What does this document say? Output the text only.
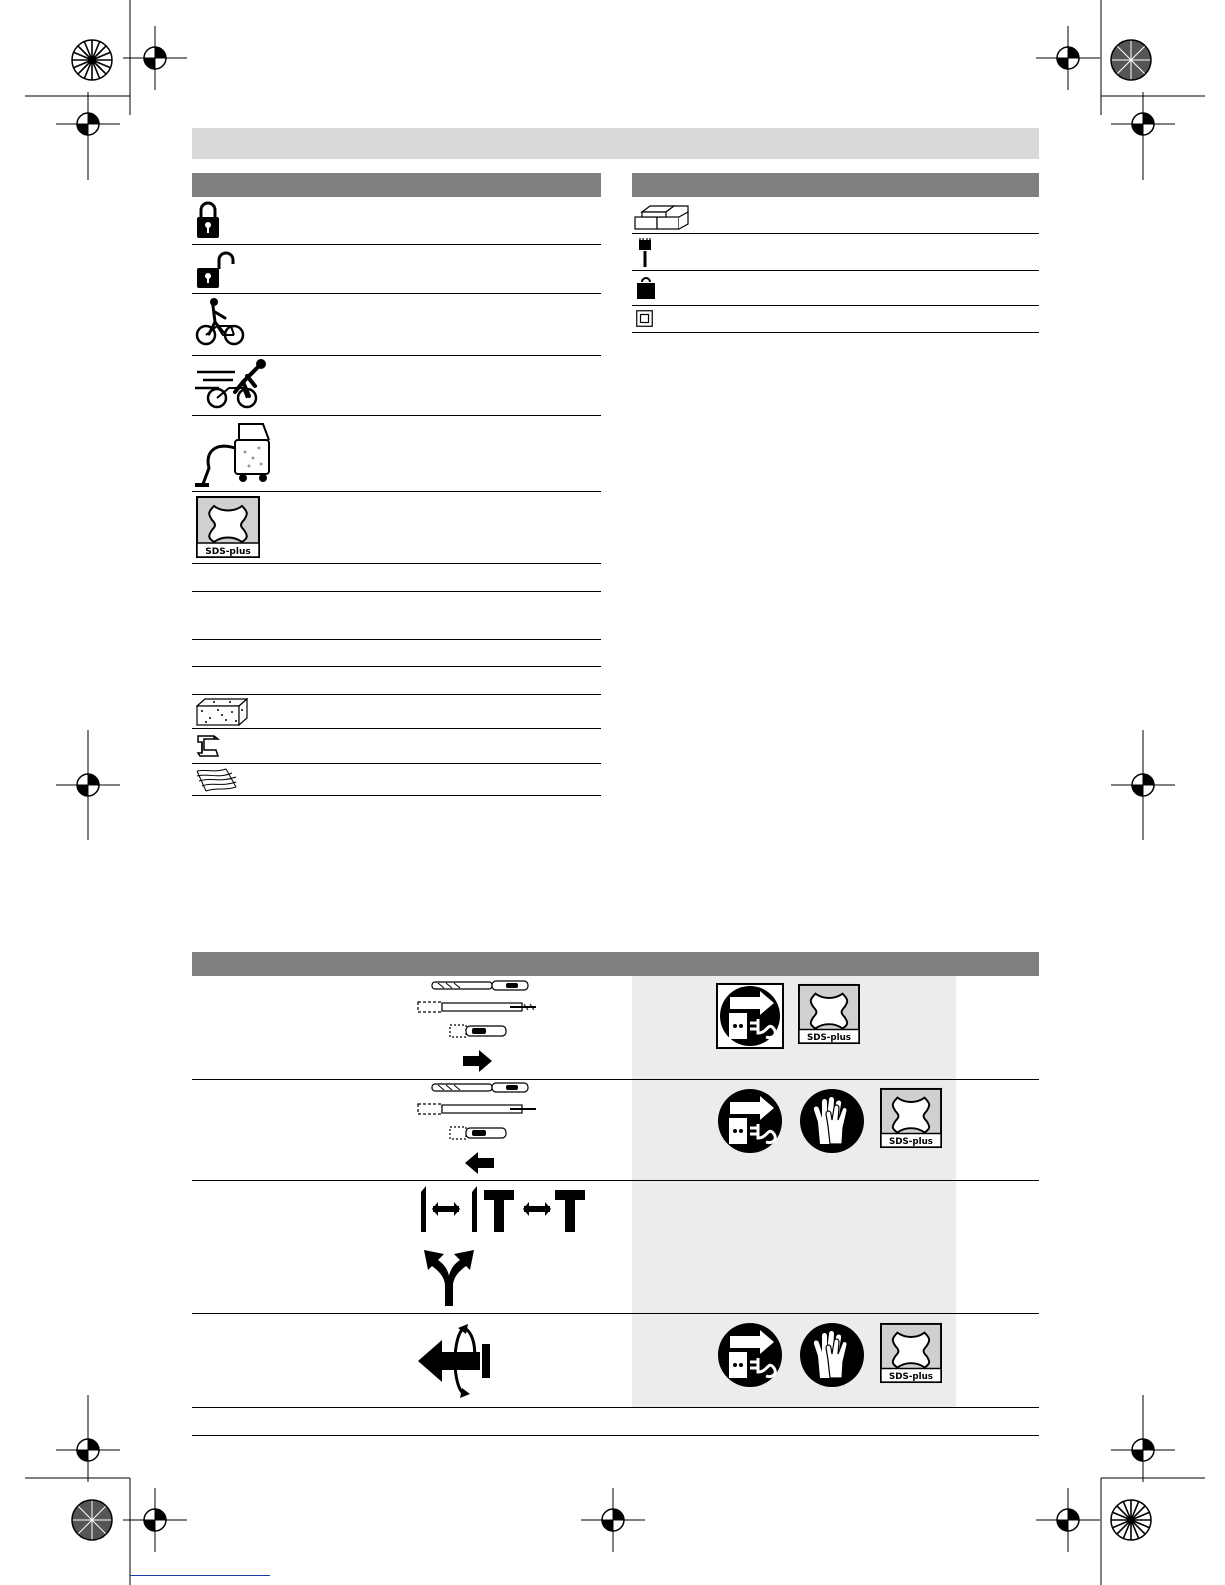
SDS-plus
SDS-plus
SDS-plus
SDS-plus
